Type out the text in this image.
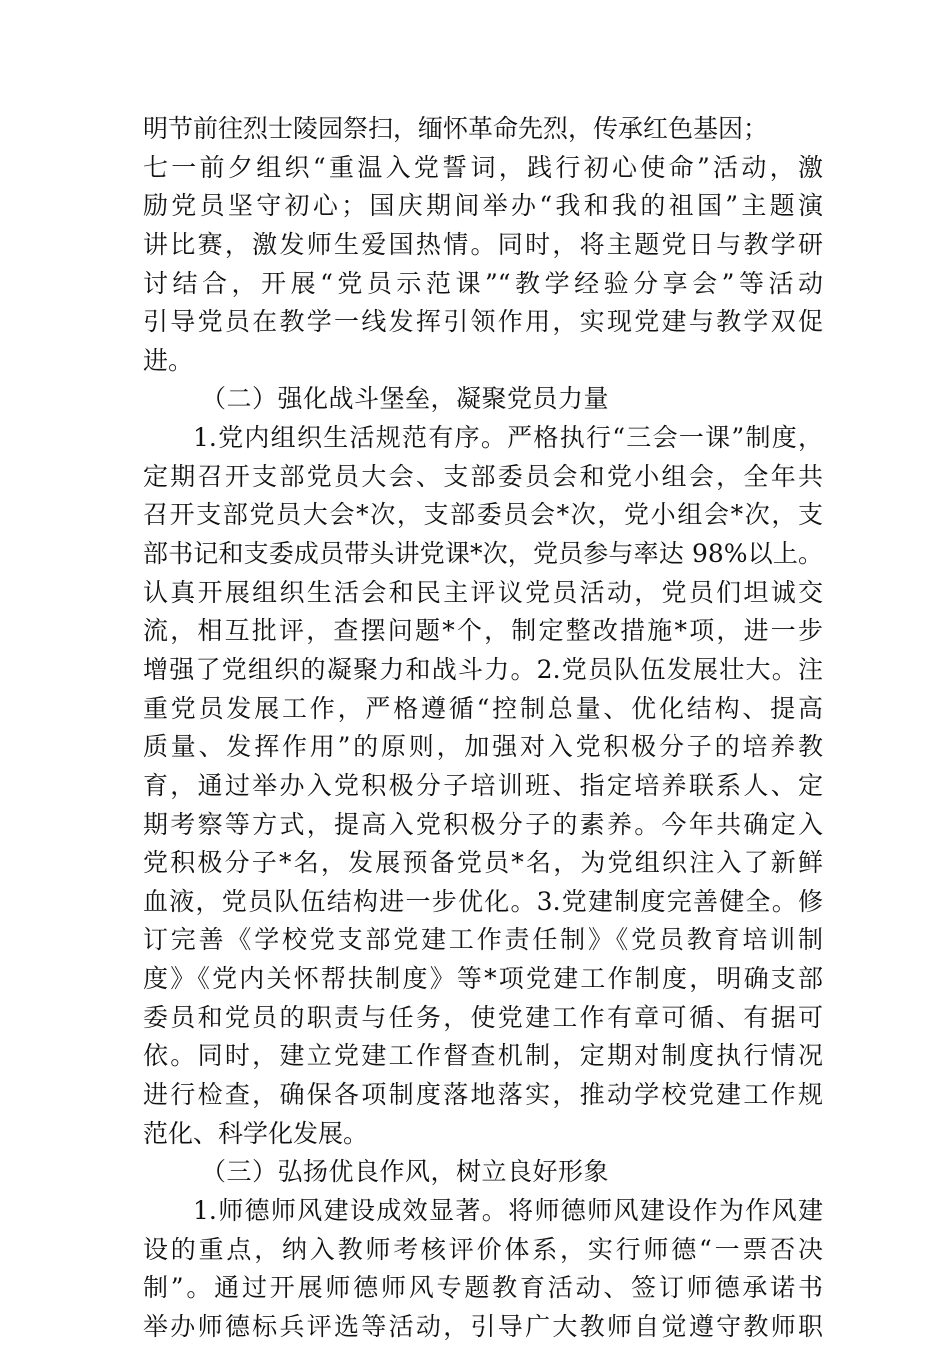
明节前往烈士陵园祭扫，缅怀革命先烈，传承红色基因；
七一前夕组织“重温入党誓词，践行初心使命”活动，激
励党员坚守初心；国庆期间举办“我和我的祖国”主题演
讲比赛，激发师生爱国热情。同时，将主题党日与教学研
讨结合，开展“党员示范课”“教学经验分享会”等活动
引导党员在教学一线发挥引领作用，实现党建与教学双促
进。
（二）强化战斗堡垒，凝聚党员力量
1.党内组织生活规范有序。严格执行“三会一课”制度，
定期召开支部党员大会、支部委员会和党小组会，全年共
召开支部党员大会*次，支部委员会*次，党小组会*次，支
部书记和支委成员带头讲党课*次，党员参与率达 98%以上。
认真开展组织生活会和民主评议党员活动，党员们坦诚交
流，相互批评，查摆问题*个，制定整改措施*项，进一步
增强了党组织的凝聚力和战斗力。2.党员队伍发展壮大。注
重党员发展工作，严格遵循“控制总量、优化结构、提高
质量、发挥作用”的原则，加强对入党积极分子的培养教
育，通过举办入党积极分子培训班、指定培养联系人、定
期考察等方式，提高入党积极分子的素养。今年共确定入
党积极分子*名，发展预备党员*名，为党组织注入了新鲜
血液，党员队伍结构进一步优化。3.党建制度完善健全。修
订完善《学校党支部党建工作责任制》《党员教育培训制
度》《党内关怀帮扶制度》等*项党建工作制度，明确支部
委员和党员的职责与任务，使党建工作有章可循、有据可
依。同时，建立党建工作督查机制，定期对制度执行情况
进行检查，确保各项制度落地落实，推动学校党建工作规
范化、科学化发展。
（三）弘扬优良作风，树立良好形象
1.师德师风建设成效显著。将师德师风建设作为作风建
设的重点，纳入教师考核评价体系，实行师德“一票否决
制”。通过开展师德师风专题教育活动、签订师德承诺书
举办师德标兵评选等活动，引导广大教师自觉遵守教师职
